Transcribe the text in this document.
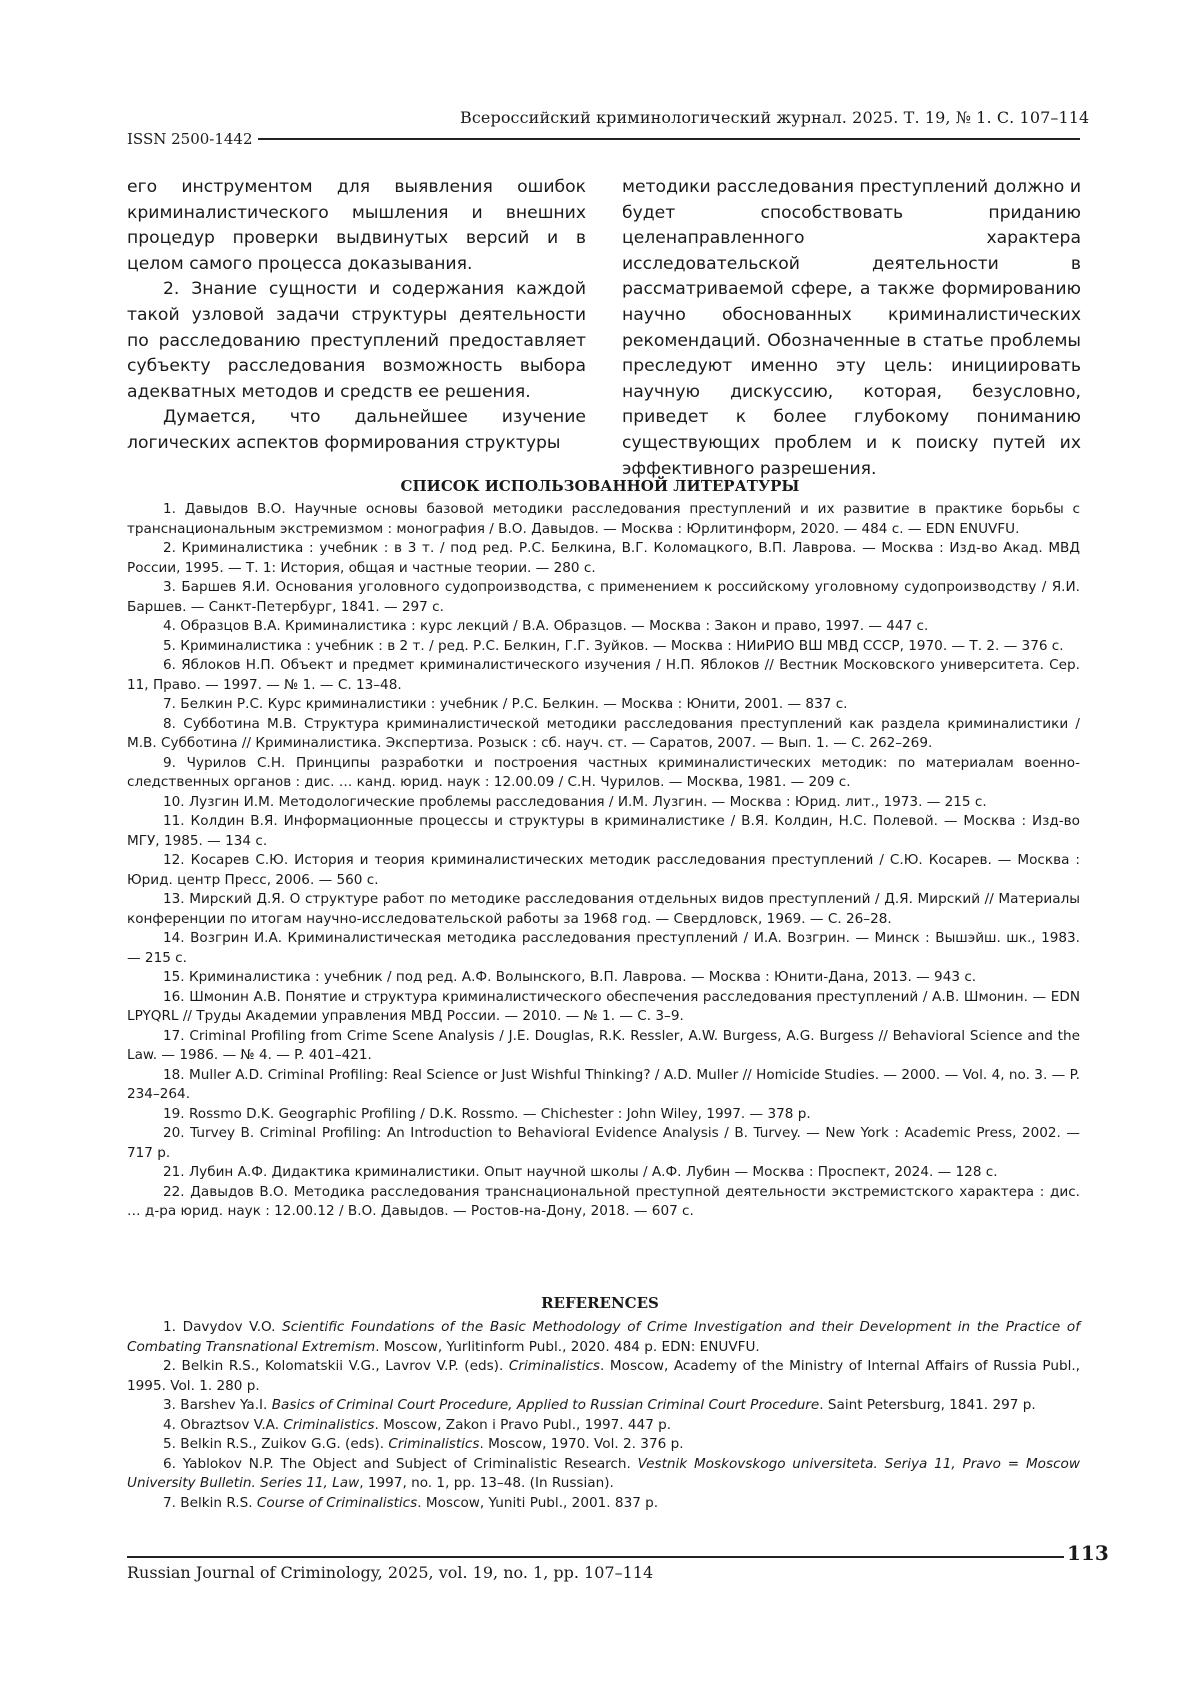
Всероссийский криминологический журнал. 2025. Т. 19, № 1. С. 107–114
ISSN 2500-1442

его инструментом для выявления ошибок криминалистического мышления и внешних процедур проверки выдвинутых версий и в целом самого процесса доказывания.

2. Знание сущности и содержания каждой такой узловой задачи структуры деятельности по расследованию преступлений предоставляет субъекту расследования возможность выбора адекватных методов и средств ее решения.

Думается, что дальнейшее изучение логических аспектов формирования структуры

методики расследования преступлений должно и будет способствовать приданию целенаправленного характера исследовательской деятельности в рассматриваемой сфере, а также формированию научно обоснованных криминалистических рекомендаций. Обозначенные в статье проблемы преследуют именно эту цель: инициировать научную дискуссию, которая, безусловно, приведет к более глубокому пониманию существующих проблем и к поиску путей их эффективного разрешения.

СПИСОК ИСПОЛЬЗОВАННОЙ ЛИТЕРАТУРЫ

1. Давыдов В.О. Научные основы базовой методики расследования преступлений и их развитие в практике борьбы с транснациональным экстремизмом : монография / В.О. Давыдов. — Москва : Юрлитинформ, 2020. — 484 с. — EDN ENUVFU.

2. Криминалистика : учебник : в 3 т. / под ред. Р.С. Белкина, В.Г. Коломацкого, В.П. Лаврова. — Москва : Изд-во Акад. МВД России, 1995. — Т. 1: История, общая и частные теории. — 280 с.

3. Баршев Я.И. Основания уголовного судопроизводства, с применением к российскому уголовному судопроизводству / Я.И. Баршев. — Санкт-Петербург, 1841. — 297 с.

4. Образцов В.А. Криминалистика : курс лекций / В.А. Образцов. — Москва : Закон и право, 1997. — 447 с.

5. Криминалистика : учебник : в 2 т. / ред. Р.С. Белкин, Г.Г. Зуйков. — Москва : НИиРИО ВШ МВД СССР, 1970. — Т. 2. — 376 с.

6. Яблоков Н.П. Объект и предмет криминалистического изучения / Н.П. Яблоков // Вестник Московского университета. Сер. 11, Право. — 1997. — № 1. — С. 13–48.

7. Белкин Р.С. Курс криминалистики : учебник / Р.С. Белкин. — Москва : Юнити, 2001. — 837 с.

8. Субботина М.В. Структура криминалистической методики расследования преступлений как раздела криминалистики / М.В. Субботина // Криминалистика. Экспертиза. Розыск : сб. науч. ст. — Саратов, 2007. — Вып. 1. — С. 262–269.

9. Чурилов С.Н. Принципы разработки и построения частных криминалистических методик: по материалам военно-следственных органов : дис. … канд. юрид. наук : 12.00.09 / С.Н. Чурилов. — Москва, 1981. — 209 с.

10. Лузгин И.М. Методологические проблемы расследования / И.М. Лузгин. — Москва : Юрид. лит., 1973. — 215 с.

11. Колдин В.Я. Информационные процессы и структуры в криминалистике / В.Я. Колдин, Н.С. Полевой. — Москва : Изд-во МГУ, 1985. — 134 с.

12. Косарев С.Ю. История и теория криминалистических методик расследования преступлений / С.Ю. Косарев. — Москва : Юрид. центр Пресс, 2006. — 560 с.

13. Мирский Д.Я. О структуре работ по методике расследования отдельных видов преступлений / Д.Я. Мирский // Материалы конференции по итогам научно-исследовательской работы за 1968 год. — Свердловск, 1969. — С. 26–28.

14. Возгрин И.А. Криминалистическая методика расследования преступлений / И.А. Возгрин. — Минск : Вышэйш. шк., 1983. — 215 с.

15. Криминалистика : учебник / под ред. А.Ф. Волынского, В.П. Лаврова. — Москва : Юнити-Дана, 2013. — 943 с.

16. Шмонин А.В. Понятие и структура криминалистического обеспечения расследования преступлений / А.В. Шмонин. — EDN LPYQRL // Труды Академии управления МВД России. — 2010. — № 1. — С. 3–9.

17. Criminal Profiling from Crime Scene Analysis / J.E. Douglas, R.K. Ressler, A.W. Burgess, A.G. Burgess // Behavioral Science and the Law. — 1986. — № 4. — P. 401–421.

18. Muller A.D. Criminal Profiling: Real Science or Just Wishful Thinking? / A.D. Muller // Homicide Studies. — 2000. — Vol. 4, no. 3. — P. 234–264.

19. Rossmo D.K. Geographic Profiling / D.K. Rossmo. — Chichester : John Wiley, 1997. — 378 p.

20. Turvey B. Criminal Profiling: An Introduction to Behavioral Evidence Analysis / B. Turvey. — New York : Academic Press, 2002. — 717 p.

21. Лубин А.Ф. Дидактика криминалистики. Опыт научной школы / А.Ф. Лубин — Москва : Проспект, 2024. — 128 с.

22. Давыдов В.О. Методика расследования транснациональной преступной деятельности экстремистского характера : дис. … д-ра юрид. наук : 12.00.12 / В.О. Давыдов. — Ростов-на-Дону, 2018. — 607 с.

REFERENCES

1. Davydov V.O. Scientific Foundations of the Basic Methodology of Crime Investigation and their Development in the Practice of Combating Transnational Extremism. Moscow, Yurlitinform Publ., 2020. 484 p. EDN: ENUVFU.

2. Belkin R.S., Kolomatskii V.G., Lavrov V.P. (eds). Criminalistics. Moscow, Academy of the Ministry of Internal Affairs of Russia Publ., 1995. Vol. 1. 280 p.

3. Barshev Ya.I. Basics of Criminal Court Procedure, Applied to Russian Criminal Court Procedure. Saint Petersburg, 1841. 297 p.

4. Obraztsov V.A. Criminalistics. Moscow, Zakon i Pravo Publ., 1997. 447 p.

5. Belkin R.S., Zuikov G.G. (eds). Criminalistics. Moscow, 1970. Vol. 2. 376 p.

6. Yablokov N.P. The Object and Subject of Criminalistic Research. Vestnik Moskovskogo universiteta. Seriya 11, Pravo = Moscow University Bulletin. Series 11, Law, 1997, no. 1, pp. 13–48. (In Russian).

7. Belkin R.S. Course of Criminalistics. Moscow, Yuniti Publ., 2001. 837 p.

113
Russian Journal of Criminology, 2025, vol. 19, no. 1, pp. 107–114
